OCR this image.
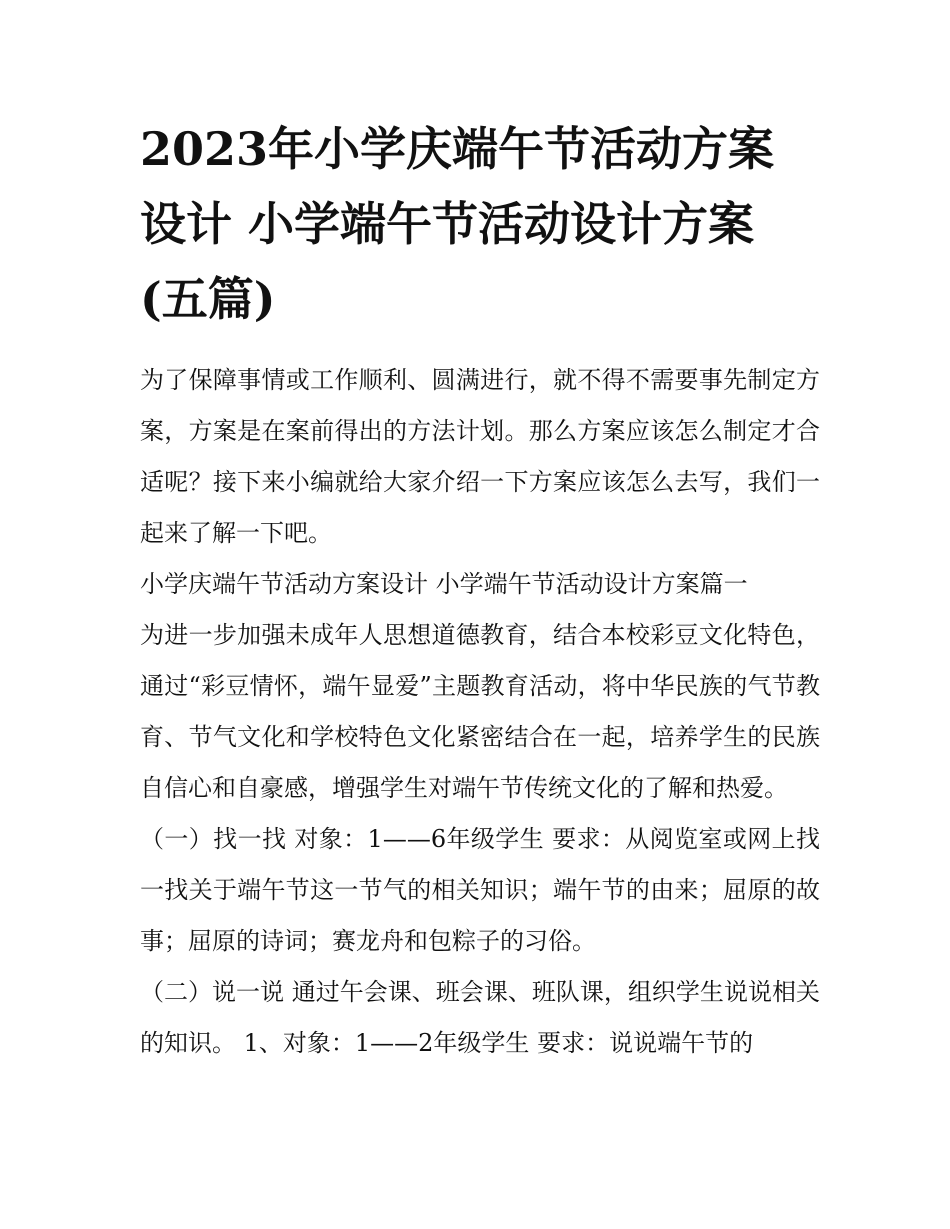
2023年小学庆端午节活动方案设计 小学端午节活动设计方案(五篇)

为了保障事情或工作顺利、圆满进行，就不得不需要事先制定方案，方案是在案前得出的方法计划。那么方案应该怎么制定才合适呢？接下来小编就给大家介绍一下方案应该怎么去写，我们一起来了解一下吧。

小学庆端午节活动方案设计 小学端午节活动设计方案篇一

为进一步加强未成年人思想道德教育，结合本校彩豆文化特色，通过“彩豆情怀，端午显爱”主题教育活动，将中华民族的气节教育、节气文化和学校特色文化紧密结合在一起，培养学生的民族自信心和自豪感，增强学生对端午节传统文化的了解和热爱。

（一）找一找 对象：1——6年级学生 要求：从阅览室或网上找一找关于端午节这一节气的相关知识；端午节的由来；屈原的故事；屈原的诗词；赛龙舟和包粽子的习俗。

（二）说一说 通过午会课、班会课、班队课，组织学生说说相关的知识。 1、对象：1——2年级学生 要求：说说端午节的
